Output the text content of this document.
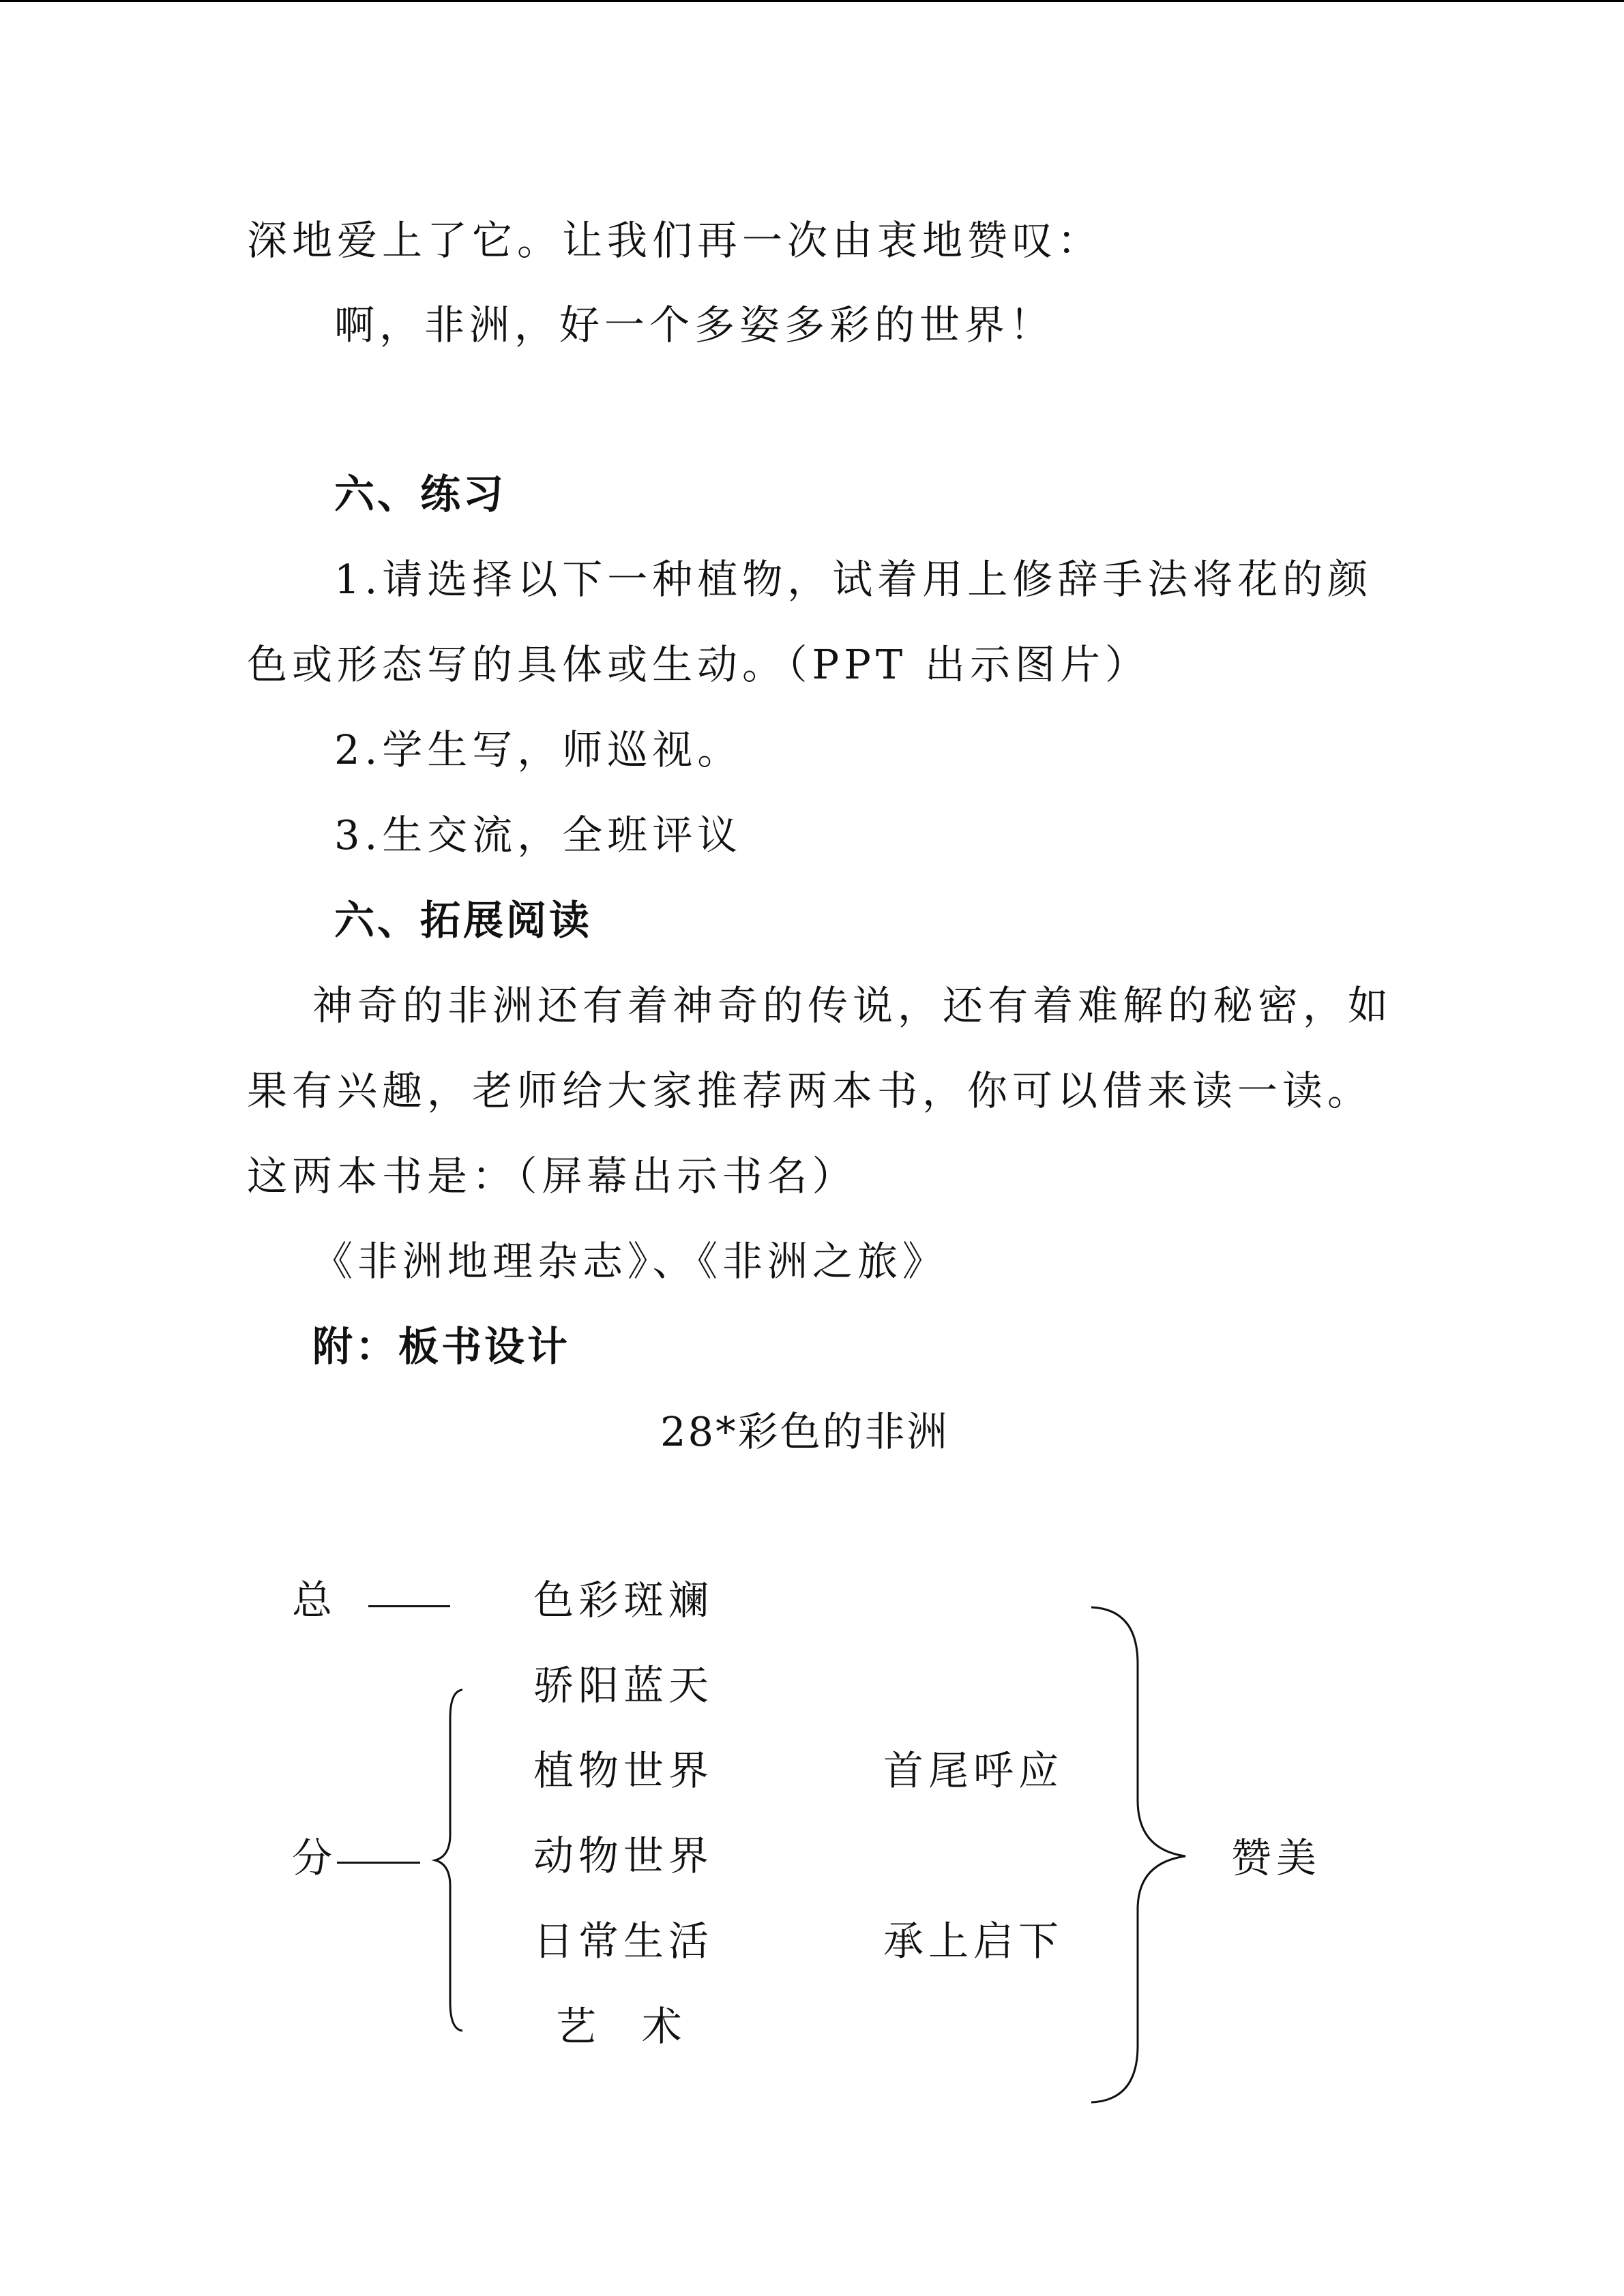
深地爱上了它。让我们再一次由衷地赞叹：
啊，非洲，好一个多姿多彩的世界！
六、练习
1.请选择以下一种植物，试着用上修辞手法将花的颜
色或形态写的具体或生动。（PPT 出示图片）
2.学生写，师巡视。
3.生交流，全班评议
六、拓展阅读
神奇的非洲还有着神奇的传说，还有着难解的秘密，如
果有兴趣，老师给大家推荐两本书，你可以借来读一读。
这两本书是：（屏幕出示书名）
《非洲地理杂志》、《非洲之旅》
附：板书设计
28*彩色的非洲
总
分
色彩斑斓
骄阳蓝天
植物世界
动物世界
日常生活
艺 术
首尾呼应
承上启下
赞美
